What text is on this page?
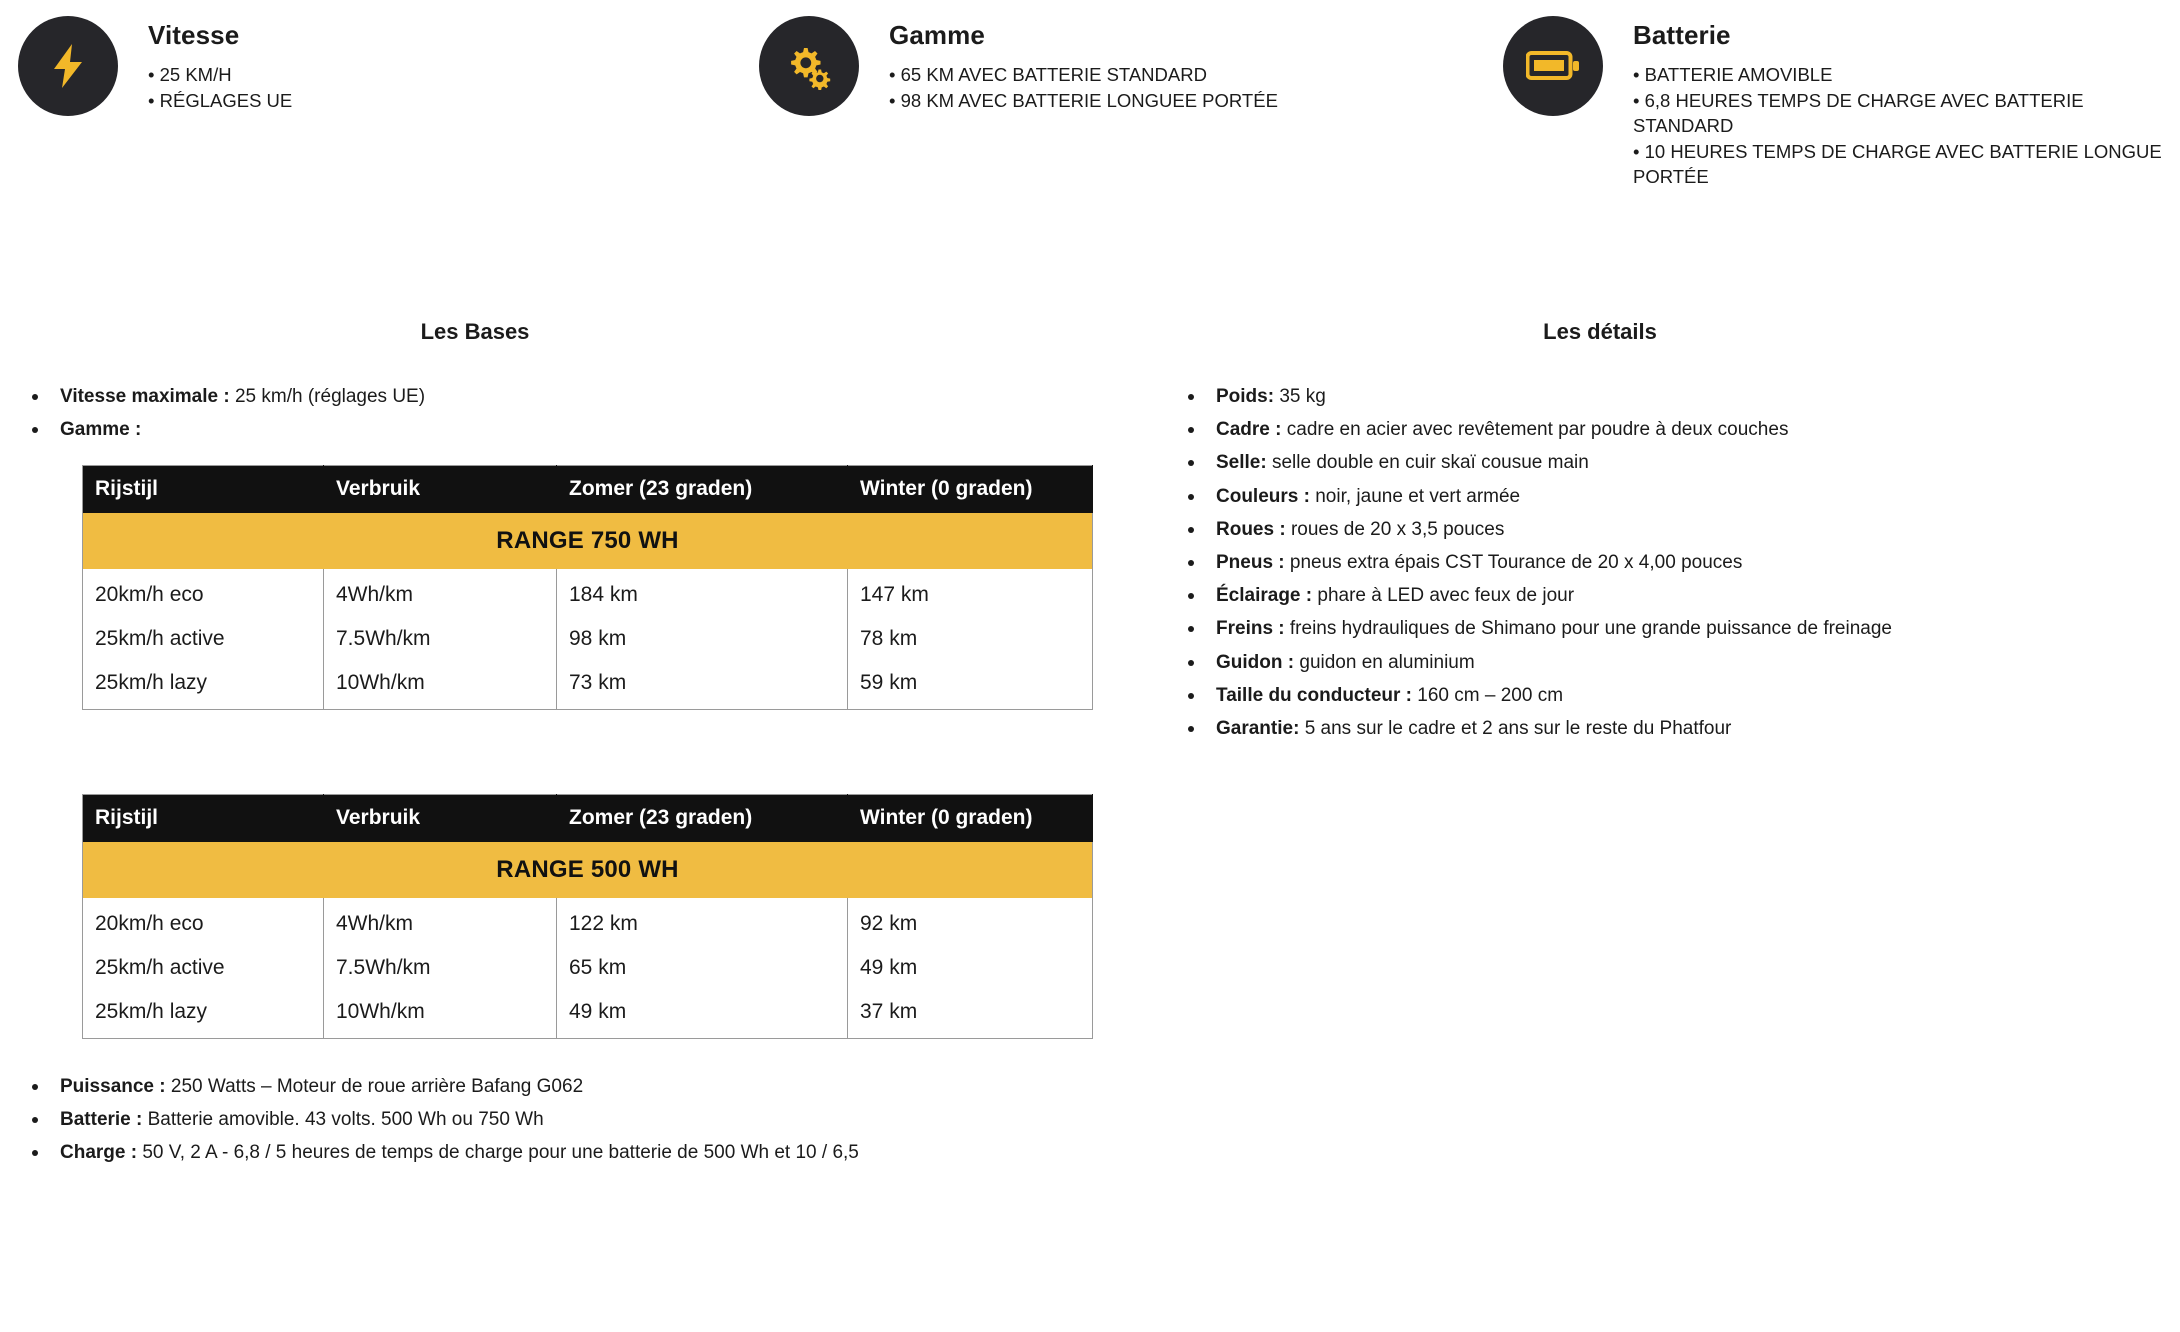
Vitesse
• 25 KM/H
• RÉGLAGES UE
Gamme
• 65 KM AVEC BATTERIE STANDARD
• 98 KM AVEC BATTERIE LONGUEE PORTÉE
Batterie
• BATTERIE AMOVIBLE
• 6,8 HEURES TEMPS DE CHARGE AVEC BATTERIE STANDARD
• 10 HEURES TEMPS DE CHARGE AVEC BATTERIE LONGUE PORTÉE
Les Bases
Vitesse maximale : 25 km/h (réglages UE)
Gamme :
RANGE 750 WH			
Rijstijl	Verbruik	Zomer (23 graden)	Winter (0 graden)
20km/h eco	4Wh/km	184 km	147 km
25km/h active	7.5Wh/km	98 km	78 km
25km/h lazy	10Wh/km	73 km	59 km
RANGE 500 WH			
Rijstijl	Verbruik	Zomer (23 graden)	Winter (0 graden)
20km/h eco	4Wh/km	122 km	92 km
25km/h active	7.5Wh/km	65 km	49 km
25km/h lazy	10Wh/km	49 km	37 km
Puissance : 250 Watts – Moteur de roue arrière Bafang G062
Batterie : Batterie amovible. 43 volts. 500 Wh ou 750 Wh
Charge : 50 V, 2 A - 6,8 / 5 heures de temps de charge pour une batterie de 500 Wh et 10 / 6,5
Les détails
Poids: 35 kg
Cadre : cadre en acier avec revêtement par poudre à deux couches
Selle: selle double en cuir skaï cousue main
Couleurs : noir, jaune et vert armée
Roues : roues de 20 x 3,5 pouces
Pneus : pneus extra épais CST Tourance de 20 x 4,00 pouces
Éclairage : phare à LED avec feux de jour
Freins : freins hydrauliques de Shimano pour une grande puissance de freinage
Guidon : guidon en aluminium
Taille du conducteur : 160 cm – 200 cm
Garantie: 5 ans sur le cadre et 2 ans sur le reste du Phatfour
